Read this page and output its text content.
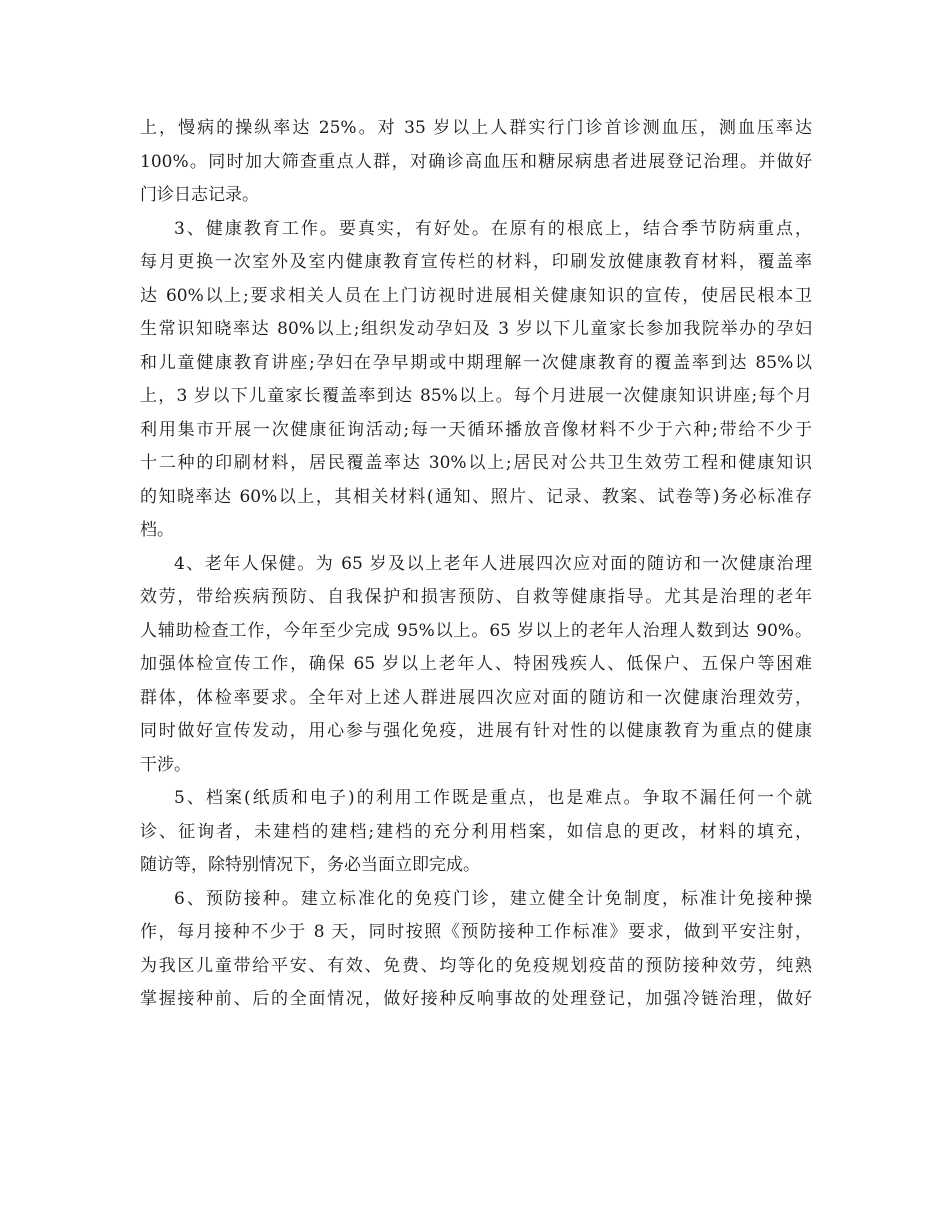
上，慢病的操纵率达 25%。对 35 岁以上人群实行门诊首诊测血压，测血压率达
100%。同时加大筛查重点人群，对确诊高血压和糖尿病患者进展登记治理。并做好
门诊日志记录。

3、健康教育工作。要真实，有好处。在原有的根底上，结合季节防病重点，
每月更换一次室外及室内健康教育宣传栏的材料，印刷发放健康教育材料，覆盖率
达 60%以上;要求相关人员在上门访视时进展相关健康知识的宣传，使居民根本卫
生常识知晓率达 80%以上;组织发动孕妇及 3 岁以下儿童家长参加我院举办的孕妇
和儿童健康教育讲座;孕妇在孕早期或中期理解一次健康教育的覆盖率到达 85%以
上，3 岁以下儿童家长覆盖率到达 85%以上。每个月进展一次健康知识讲座;每个月
利用集市开展一次健康征询活动;每一天循环播放音像材料不少于六种;带给不少于
十二种的印刷材料，居民覆盖率达 30%以上;居民对公共卫生效劳工程和健康知识
的知晓率达 60%以上，其相关材料(通知、照片、记录、教案、试卷等)务必标准存
档。

4、老年人保健。为 65 岁及以上老年人进展四次应对面的随访和一次健康治理
效劳，带给疾病预防、自我保护和损害预防、自救等健康指导。尤其是治理的老年
人辅助检查工作，今年至少完成 95%以上。65 岁以上的老年人治理人数到达 90%。
加强体检宣传工作，确保 65 岁以上老年人、特困残疾人、低保户、五保户等困难
群体，体检率要求。全年对上述人群进展四次应对面的随访和一次健康治理效劳，
同时做好宣传发动，用心参与强化免疫，进展有针对性的以健康教育为重点的健康
干涉。

5、档案(纸质和电子)的利用工作既是重点，也是难点。争取不漏任何一个就
诊、征询者，未建档的建档;建档的充分利用档案，如信息的更改，材料的填充，
随访等，除特别情况下，务必当面立即完成。

6、预防接种。建立标准化的免疫门诊，建立健全计免制度，标准计免接种操
作，每月接种不少于 8 天，同时按照《预防接种工作标准》要求，做到平安注射，
为我区儿童带给平安、有效、免费、均等化的免疫规划疫苗的预防接种效劳，纯熟
掌握接种前、后的全面情况，做好接种反响事故的处理登记，加强冷链治理，做好
